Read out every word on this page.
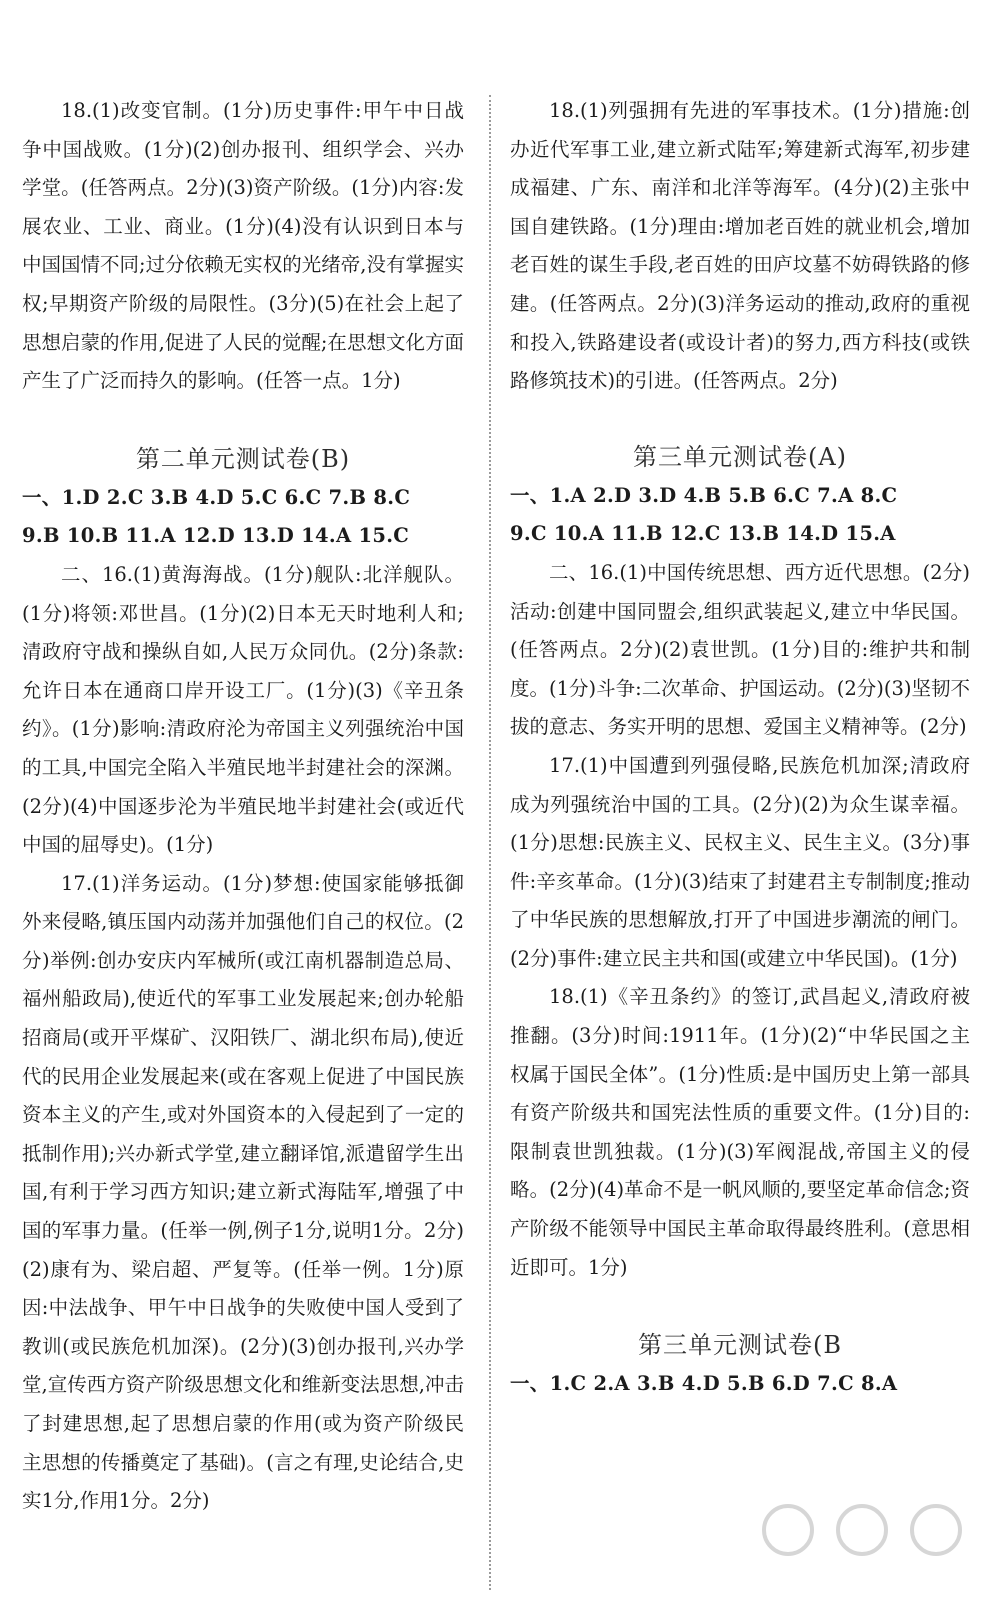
18.(1)改变官制。(1分)历史事件:甲午中日战争中国战败。(1分)(2)创办报刊、组织学会、兴办学堂。(任答两点。2分)(3)资产阶级。(1分)内容:发展农业、工业、商业。(1分)(4)没有认识到日本与中国国情不同;过分依赖无实权的光绪帝,没有掌握实权;早期资产阶级的局限性。(3分)(5)在社会上起了思想启蒙的作用,促进了人民的觉醒;在思想文化方面产生了广泛而持久的影响。(任答一点。1分)

第二单元测试卷(B)

一、1.D 2.C 3.B 4.D 5.C 6.C 7.B 8.C

9.B 10.B 11.A 12.D 13.D 14.A 15.C

二、16.(1)黄海海战。(1分)舰队:北洋舰队。(1分)将领:邓世昌。(1分)(2)日本无天时地利人和;清政府守战和操纵自如,人民万众同仇。(2分)条款:允许日本在通商口岸开设工厂。(1分)(3)《辛丑条约》。(1分)影响:清政府沦为帝国主义列强统治中国的工具,中国完全陷入半殖民地半封建社会的深渊。(2分)(4)中国逐步沦为半殖民地半封建社会(或近代中国的屈辱史)。(1分)

17.(1)洋务运动。(1分)梦想:使国家能够抵御外来侵略,镇压国内动荡并加强他们自己的权位。(2分)举例:创办安庆内军械所(或江南机器制造总局、福州船政局),使近代的军事工业发展起来;创办轮船招商局(或开平煤矿、汉阳铁厂、湖北织布局),使近代的民用企业发展起来(或在客观上促进了中国民族资本主义的产生,或对外国资本的入侵起到了一定的抵制作用);兴办新式学堂,建立翻译馆,派遣留学生出国,有利于学习西方知识;建立新式海陆军,增强了中国的军事力量。(任举一例,例子1分,说明1分。2分)(2)康有为、梁启超、严复等。(任举一例。1分)原因:中法战争、甲午中日战争的失败使中国人受到了教训(或民族危机加深)。(2分)(3)创办报刊,兴办学堂,宣传西方资产阶级思想文化和维新变法思想,冲击了封建思想,起了思想启蒙的作用(或为资产阶级民主思想的传播奠定了基础)。(言之有理,史论结合,史实1分,作用1分。2分)

18.(1)列强拥有先进的军事技术。(1分)措施:创办近代军事工业,建立新式陆军;筹建新式海军,初步建成福建、广东、南洋和北洋等海军。(4分)(2)主张中国自建铁路。(1分)理由:增加老百姓的就业机会,增加老百姓的谋生手段,老百姓的田庐坟墓不妨碍铁路的修建。(任答两点。2分)(3)洋务运动的推动,政府的重视和投入,铁路建设者(或设计者)的努力,西方科技(或铁路修筑技术)的引进。(任答两点。2分)

第三单元测试卷(A)

一、1.A 2.D 3.D 4.B 5.B 6.C 7.A 8.C

9.C 10.A 11.B 12.C 13.B 14.D 15.A

二、16.(1)中国传统思想、西方近代思想。(2分)活动:创建中国同盟会,组织武装起义,建立中华民国。(任答两点。2分)(2)袁世凯。(1分)目的:维护共和制度。(1分)斗争:二次革命、护国运动。(2分)(3)坚韧不拔的意志、务实开明的思想、爱国主义精神等。(2分)

17.(1)中国遭到列强侵略,民族危机加深;清政府成为列强统治中国的工具。(2分)(2)为众生谋幸福。(1分)思想:民族主义、民权主义、民生主义。(3分)事件:辛亥革命。(1分)(3)结束了封建君主专制制度;推动了中华民族的思想解放,打开了中国进步潮流的闸门。(2分)事件:建立民主共和国(或建立中华民国)。(1分)

18.(1)《辛丑条约》的签订,武昌起义,清政府被推翻。(3分)时间:1911年。(1分)(2)“中华民国之主权属于国民全体”。(1分)性质:是中国历史上第一部具有资产阶级共和国宪法性质的重要文件。(1分)目的:限制袁世凯独裁。(1分)(3)军阀混战,帝国主义的侵略。(2分)(4)革命不是一帆风顺的,要坚定革命信念;资产阶级不能领导中国民主革命取得最终胜利。(意思相近即可。1分)

第三单元测试卷(B

一、1.C 2.A 3.B 4.D 5.B 6.D 7.C 8.A
